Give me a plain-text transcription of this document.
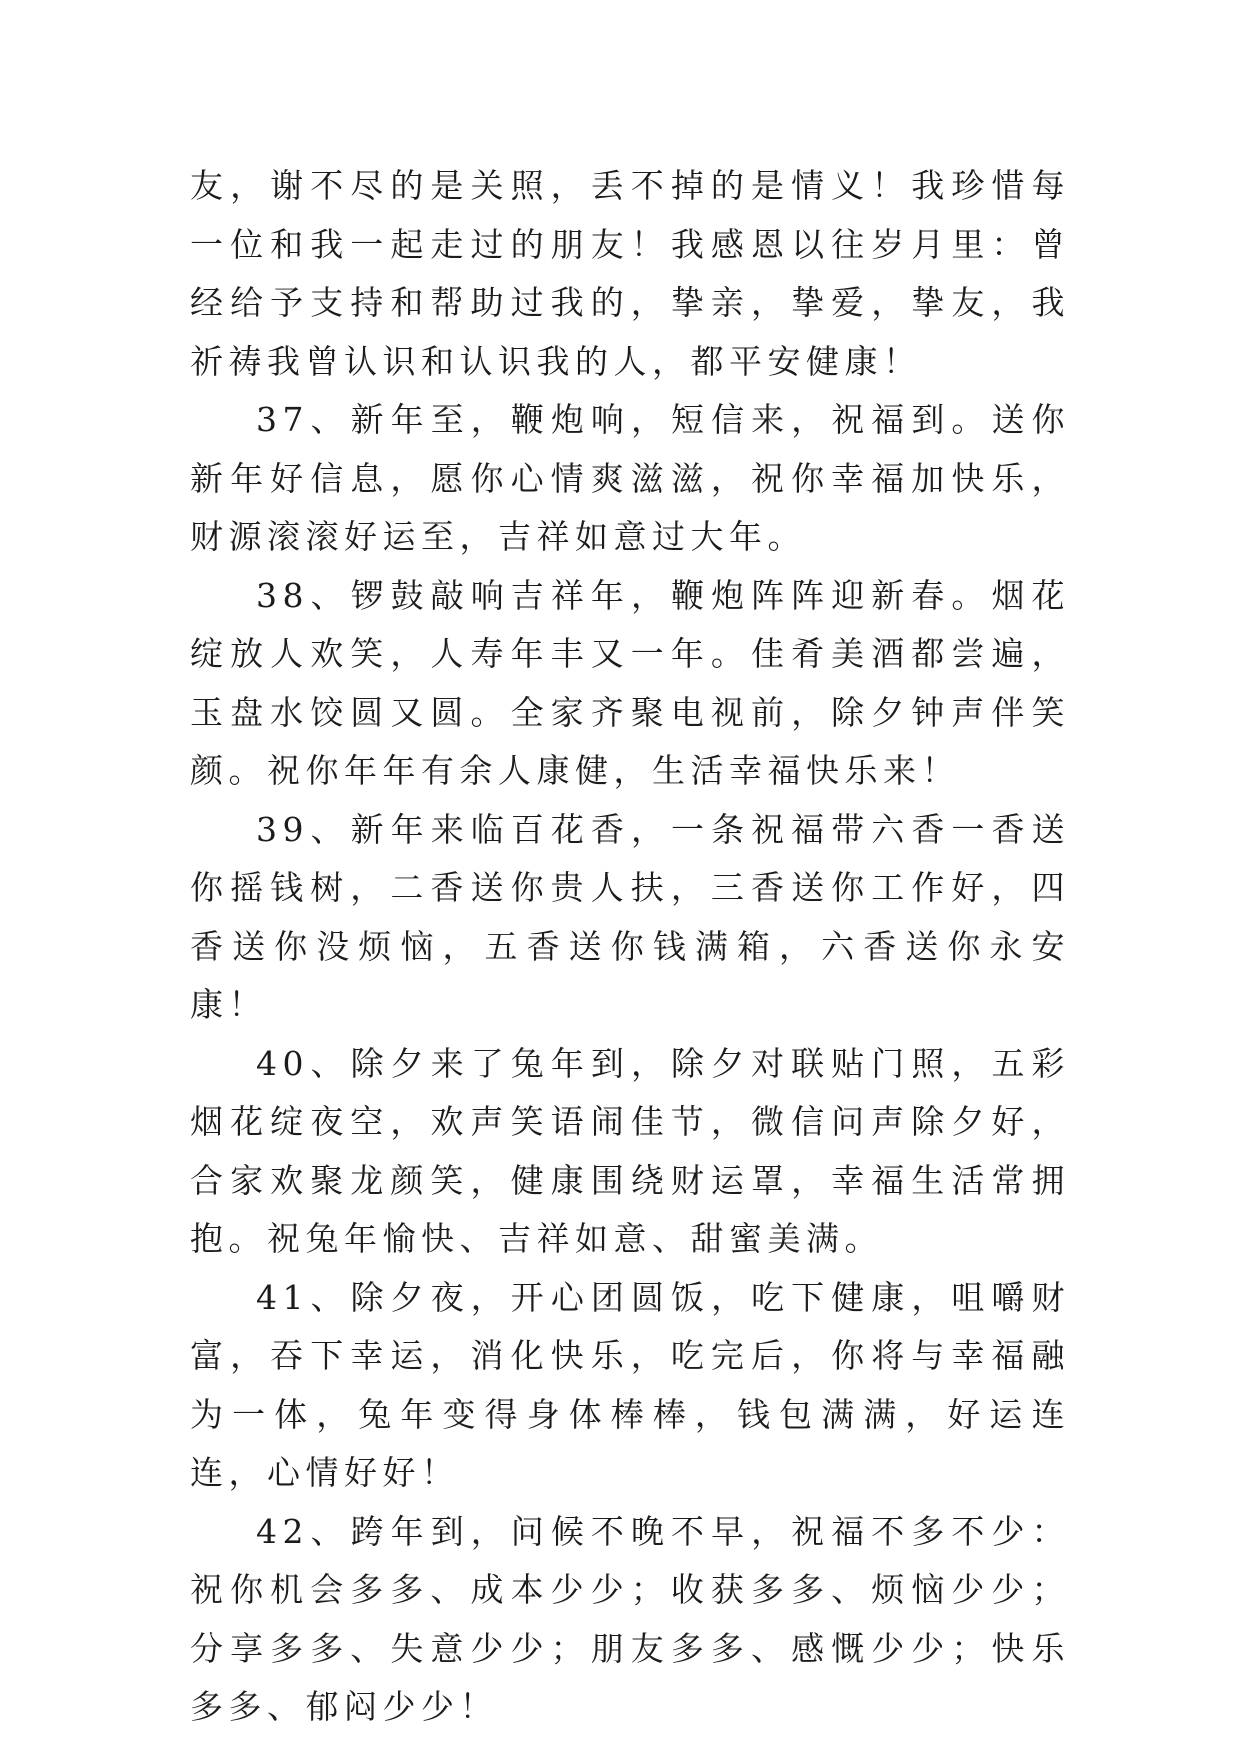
友，谢不尽的是关照，丢不掉的是情义！我珍惜每一位和我一起走过的朋友！我感恩以往岁月里：曾经给予支持和帮助过我的，挚亲，挚爱，挚友，我祈祷我曾认识和认识我的人，都平安健康！

37、新年至，鞭炮响，短信来，祝福到。送你新年好信息，愿你心情爽滋滋，祝你幸福加快乐，财源滚滚好运至，吉祥如意过大年。

38、锣鼓敲响吉祥年，鞭炮阵阵迎新春。烟花绽放人欢笑，人寿年丰又一年。佳肴美酒都尝遍，玉盘水饺圆又圆。全家齐聚电视前，除夕钟声伴笑颜。祝你年年有余人康健，生活幸福快乐来！

39、新年来临百花香，一条祝福带六香一香送你摇钱树，二香送你贵人扶，三香送你工作好，四香送你没烦恼，五香送你钱满箱，六香送你永安康！

40、除夕来了兔年到，除夕对联贴门照，五彩烟花绽夜空，欢声笑语闹佳节，微信问声除夕好，合家欢聚龙颜笑，健康围绕财运罩，幸福生活常拥抱。祝兔年愉快、吉祥如意、甜蜜美满。

41、除夕夜，开心团圆饭，吃下健康，咀嚼财富，吞下幸运，消化快乐，吃完后，你将与幸福融为一体，兔年变得身体棒棒，钱包满满，好运连连，心情好好！

42、跨年到，问候不晚不早，祝福不多不少：祝你机会多多、成本少少；收获多多、烦恼少少；分享多多、失意少少；朋友多多、感慨少少；快乐多多、郁闷少少！
